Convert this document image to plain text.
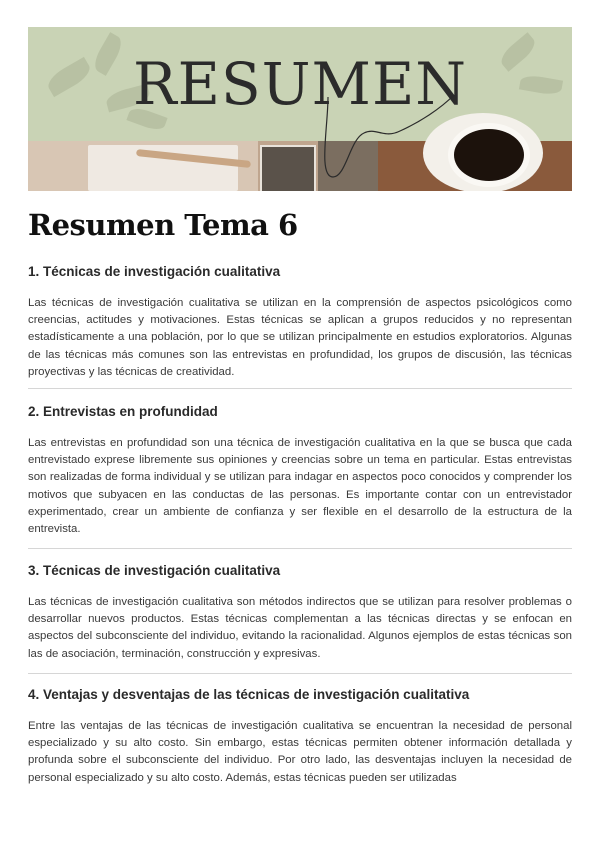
RESUMEN
Resumen Tema 6
1. Técnicas de investigación cualitativa

Las técnicas de investigación cualitativa se utilizan en la comprensión de aspectos psicológicos como creencias, actitudes y motivaciones. Estas técnicas se aplican a grupos reducidos y no representan estadísticamente a una población, por lo que se utilizan principalmente en estudios exploratorios. Algunas de las técnicas más comunes son las entrevistas en profundidad, los grupos de discusión, las técnicas proyectivas y las técnicas de creatividad.

2. Entrevistas en profundidad

Las entrevistas en profundidad son una técnica de investigación cualitativa en la que se busca que cada entrevistado exprese libremente sus opiniones y creencias sobre un tema en particular. Estas entrevistas son realizadas de forma individual y se utilizan para indagar en aspectos poco conocidos y comprender los motivos que subyacen en las conductas de las personas. Es importante contar con un entrevistador experimentado, crear un ambiente de confianza y ser flexible en el desarrollo de la estructura de la entrevista.

3. Técnicas de investigación cualitativa

Las técnicas de investigación cualitativa son métodos indirectos que se utilizan para resolver problemas o desarrollar nuevos productos. Estas técnicas complementan a las técnicas directas y se enfocan en aspectos del subconsciente del individuo, evitando la racionalidad. Algunos ejemplos de estas técnicas son las de asociación, terminación, construcción y expresivas.

4. Ventajas y desventajas de las técnicas de investigación cualitativa

Entre las ventajas de las técnicas de investigación cualitativa se encuentran la necesidad de personal especializado y su alto costo. Sin embargo, estas técnicas permiten obtener información detallada y profunda sobre el subconsciente del individuo. Por otro lado, las desventajas incluyen la necesidad de personal especializado y su alto costo. Además, estas técnicas pueden ser utilizadas
